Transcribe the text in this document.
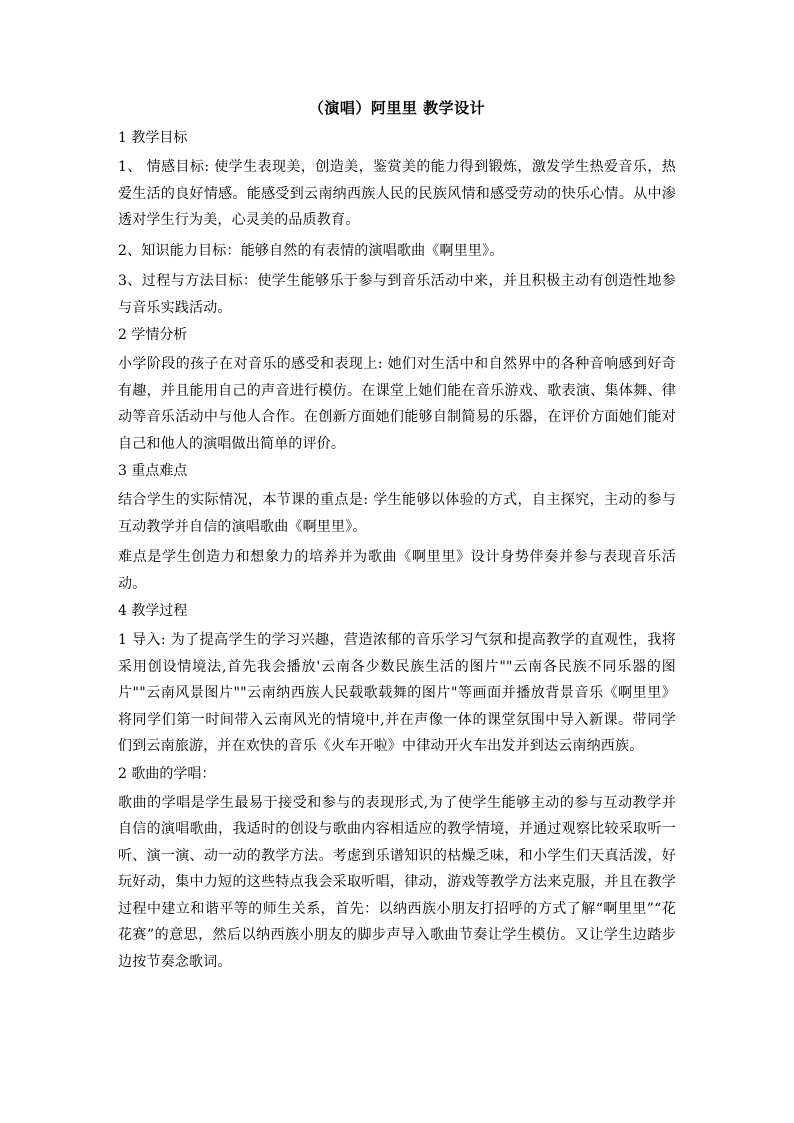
（演唱）阿里里 教学设计
1 教学目标

1、 情感目标: 使学生表现美，创造美，鉴赏美的能力得到锻炼，激发学生热爱音乐，热爱生活的良好情感。能感受到云南纳西族人民的民族风情和感受劳动的快乐心情。从中渗透对学生行为美，心灵美的品质教育。

2、知识能力目标：能够自然的有表情的演唱歌曲《啊里里》。

3、过程与方法目标：使学生能够乐于参与到音乐活动中来，并且积极主动有创造性地参与音乐实践活动。

2 学情分析

小学阶段的孩子在对音乐的感受和表现上: 她们对生活中和自然界中的各种音响感到好奇有趣，并且能用自己的声音进行模仿。在课堂上她们能在音乐游戏、歌表演、集体舞、律动等音乐活动中与他人合作。在创新方面她们能够自制简易的乐器，在评价方面她们能对自己和他人的演唱做出简单的评价。

3 重点难点

结合学生的实际情况，本节课的重点是: 学生能够以体验的方式，自主探究，主动的参与互动教学并自信的演唱歌曲《啊里里》。

难点是学生创造力和想象力的培养并为歌曲《啊里里》设计身势伴奏并参与表现音乐活动。

4 教学过程

1 导入: 为了提高学生的学习兴趣，营造浓郁的音乐学习气氛和提高教学的直观性，我将采用创设情境法,首先我会播放'云南各少数民族生活的图片""云南各民族不同乐器的图片""云南风景图片""云南纳西族人民载歌载舞的图片"等画面并播放背景音乐《啊里里》将同学们第一时间带入云南风光的情境中,并在声像一体的课堂氛围中导入新课。带同学们到云南旅游，并在欢快的音乐《火车开啦》中律动开火车出发并到达云南纳西族。

2 歌曲的学唱：

歌曲的学唱是学生最易于接受和参与的表现形式,为了使学生能够主动的参与互动教学并自信的演唱歌曲，我适时的创设与歌曲内容相适应的教学情境，并通过观察比较采取听一听、演一演、动一动的教学方法。考虑到乐谱知识的枯燥乏味，和小学生们天真活泼，好玩好动，集中力短的这些特点我会采取听唱，律动，游戏等教学方法来克服，并且在教学过程中建立和谐平等的师生关系，首先：以纳西族小朋友打招呼的方式了解“啊里里”“花花赛”的意思，然后以纳西族小朋友的脚步声导入歌曲节奏让学生模仿。又让学生边踏步边按节奏念歌词。
